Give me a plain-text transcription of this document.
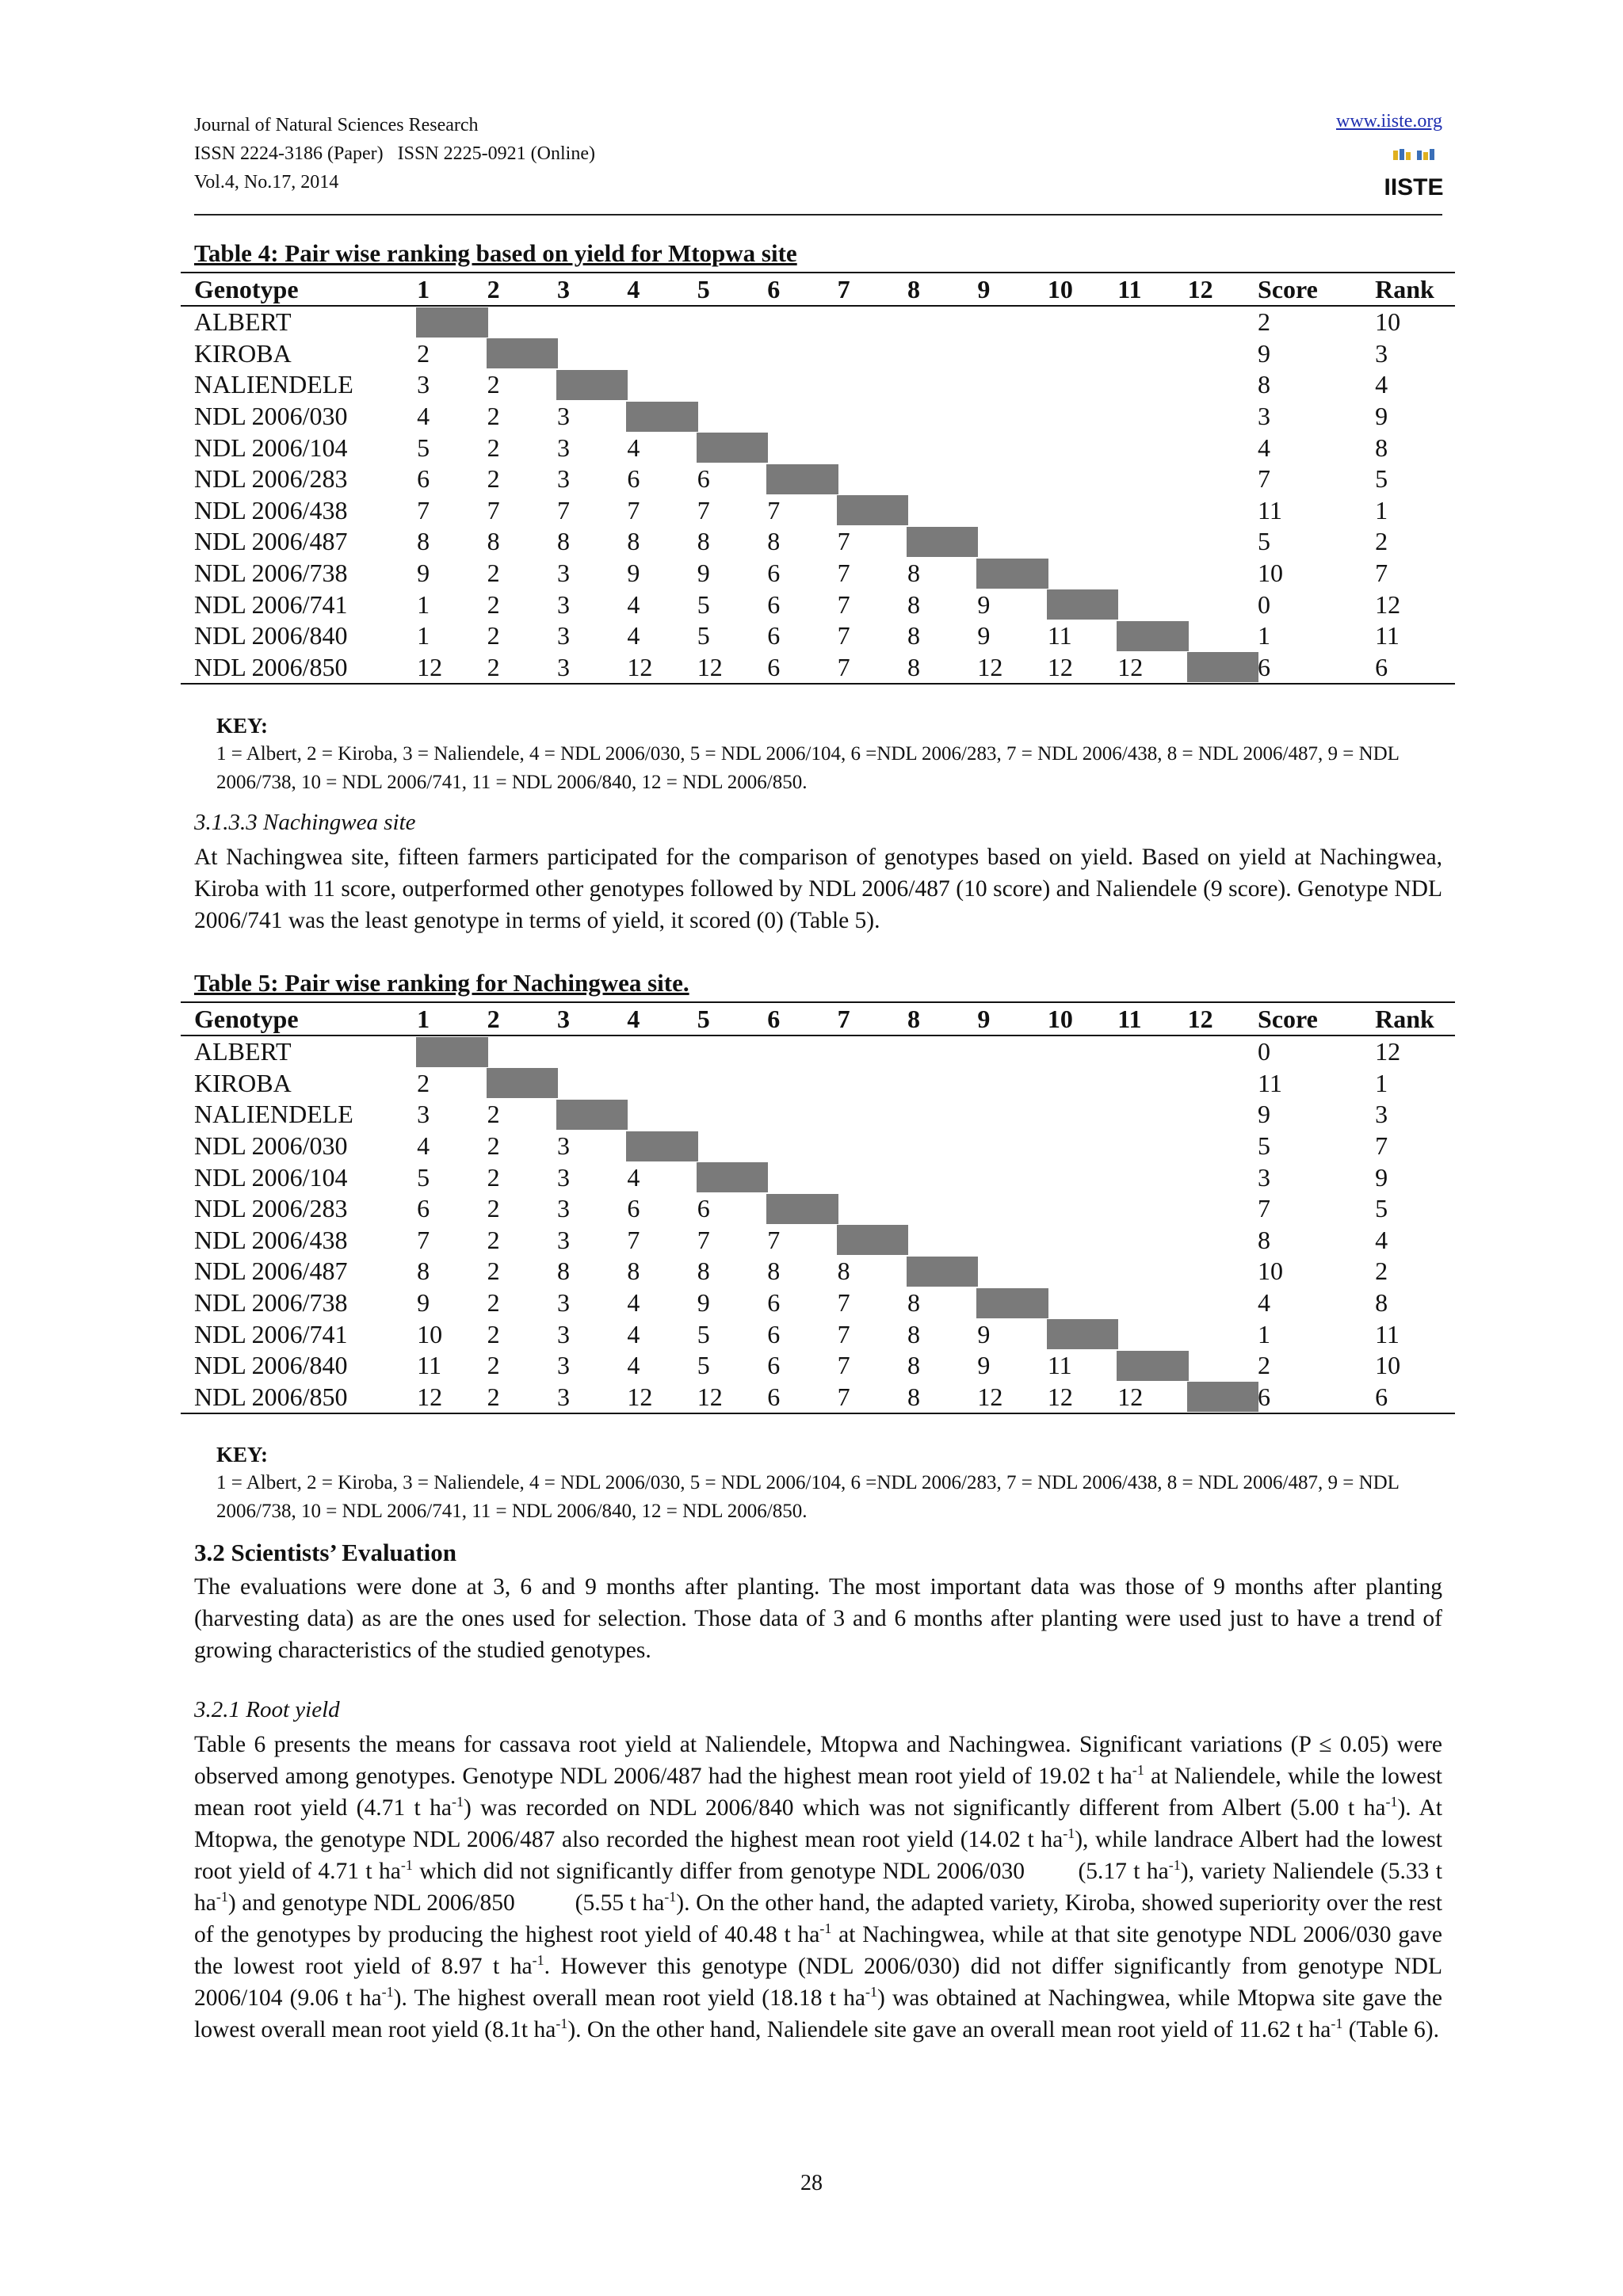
Journal of Natural Sciences Research
ISSN 2224-3186 (Paper)   ISSN 2225-0921 (Online)
Vol.4, No.17, 2014
www.iiste.org
IISTE
Table 4: Pair wise ranking based on yield for Mtopwa site
Genotype	1	2	3	4	5	6	7	8	9	10	11	12	Score	Rank
ALBERT													2	10
KIROBA	2												9	3
NALIENDELE	3	2											8	4
NDL 2006/030	4	2	3										3	9
NDL 2006/104	5	2	3	4									4	8
NDL 2006/283	6	2	3	6	6								7	5
NDL 2006/438	7	7	7	7	7	7							11	1
NDL 2006/487	8	8	8	8	8	8	7						5	2
NDL 2006/738	9	2	3	9	9	6	7	8					10	7
NDL 2006/741	1	2	3	4	5	6	7	8	9				0	12
NDL 2006/840	1	2	3	4	5	6	7	8	9	11			1	11
NDL 2006/850	12	2	3	12	12	6	7	8	12	12	12		6	6
KEY:
1 = Albert, 2 = Kiroba, 3 = Naliendele, 4 = NDL 2006/030, 5 = NDL 2006/104, 6 =NDL 2006/283, 7 = NDL 2006/438, 8 = NDL 2006/487, 9 = NDL 2006/738, 10 = NDL 2006/741, 11 = NDL 2006/840, 12 = NDL 2006/850.
3.1.3.3 Nachingwea site
At Nachingwea site, fifteen farmers participated for the comparison of genotypes based on yield. Based on yield at Nachingwea, Kiroba with 11 score, outperformed other genotypes followed by NDL 2006/487 (10 score) and Naliendele (9 score). Genotype NDL 2006/741 was the least genotype in terms of yield, it scored (0) (Table 5).
Table 5: Pair wise ranking for Nachingwea site.
Genotype	1	2	3	4	5	6	7	8	9	10	11	12	Score	Rank
ALBERT													0	12
KIROBA	2												11	1
NALIENDELE	3	2											9	3
NDL 2006/030	4	2	3										5	7
NDL 2006/104	5	2	3	4									3	9
NDL 2006/283	6	2	3	6	6								7	5
NDL 2006/438	7	2	3	7	7	7							8	4
NDL 2006/487	8	2	8	8	8	8	8						10	2
NDL 2006/738	9	2	3	4	9	6	7	8					4	8
NDL 2006/741	10	2	3	4	5	6	7	8	9				1	11
NDL 2006/840	11	2	3	4	5	6	7	8	9	11			2	10
NDL 2006/850	12	2	3	12	12	6	7	8	12	12	12		6	6
KEY:
1 = Albert, 2 = Kiroba, 3 = Naliendele, 4 = NDL 2006/030, 5 = NDL 2006/104, 6 =NDL 2006/283, 7 = NDL 2006/438, 8 = NDL 2006/487, 9 = NDL 2006/738, 10 = NDL 2006/741, 11 = NDL 2006/840, 12 = NDL 2006/850.
3.2 Scientists’ Evaluation
The evaluations were done at 3, 6 and 9 months after planting. The most important data was those of 9 months after planting (harvesting data) as are the ones used for selection. Those data of 3 and 6 months after planting were used just to have a trend of growing characteristics of the studied genotypes.
3.2.1 Root yield
Table 6 presents the means for cassava root yield at Naliendele, Mtopwa and Nachingwea. Significant variations (P ≤ 0.05) were observed among genotypes. Genotype NDL 2006/487 had the highest mean root yield of 19.02 t $ha^{-1}$ at Naliendele, while the lowest mean root yield (4.71 t $ha^{-1}$) was recorded on NDL 2006/840 which was not significantly different from Albert (5.00 t $ha^{-1}$). At Mtopwa, the genotype NDL 2006/487 also recorded the highest mean root yield (14.02 t $ha^{-1}$), while landrace Albert had the lowest root yield of 4.71 t $ha^{-1}$ which did not significantly differ from genotype NDL 2006/030        (5.17 t $ha^{-1}$), variety Naliendele (5.33 t $ha^{-1}$) and genotype NDL 2006/850          (5.55 t $ha^{-1}$). On the other hand, the adapted variety, Kiroba, showed superiority over the rest of the genotypes by producing the highest root yield of 40.48 t $ha^{-1}$ at Nachingwea, while at that site genotype NDL 2006/030 gave the lowest root yield of 8.97 t $ha^{-1}$. However this genotype (NDL 2006/030) did not differ significantly from genotype NDL 2006/104 (9.06 t $ha^{-1}$). The highest overall mean root yield (18.18 t $ha^{-1}$) was obtained at Nachingwea, while Mtopwa site gave the lowest overall mean root yield (8.1t $ha^{-1}$). On the other hand, Naliendele site gave an overall mean root yield of 11.62 t $ha^{-1}$ (Table 6).
28
